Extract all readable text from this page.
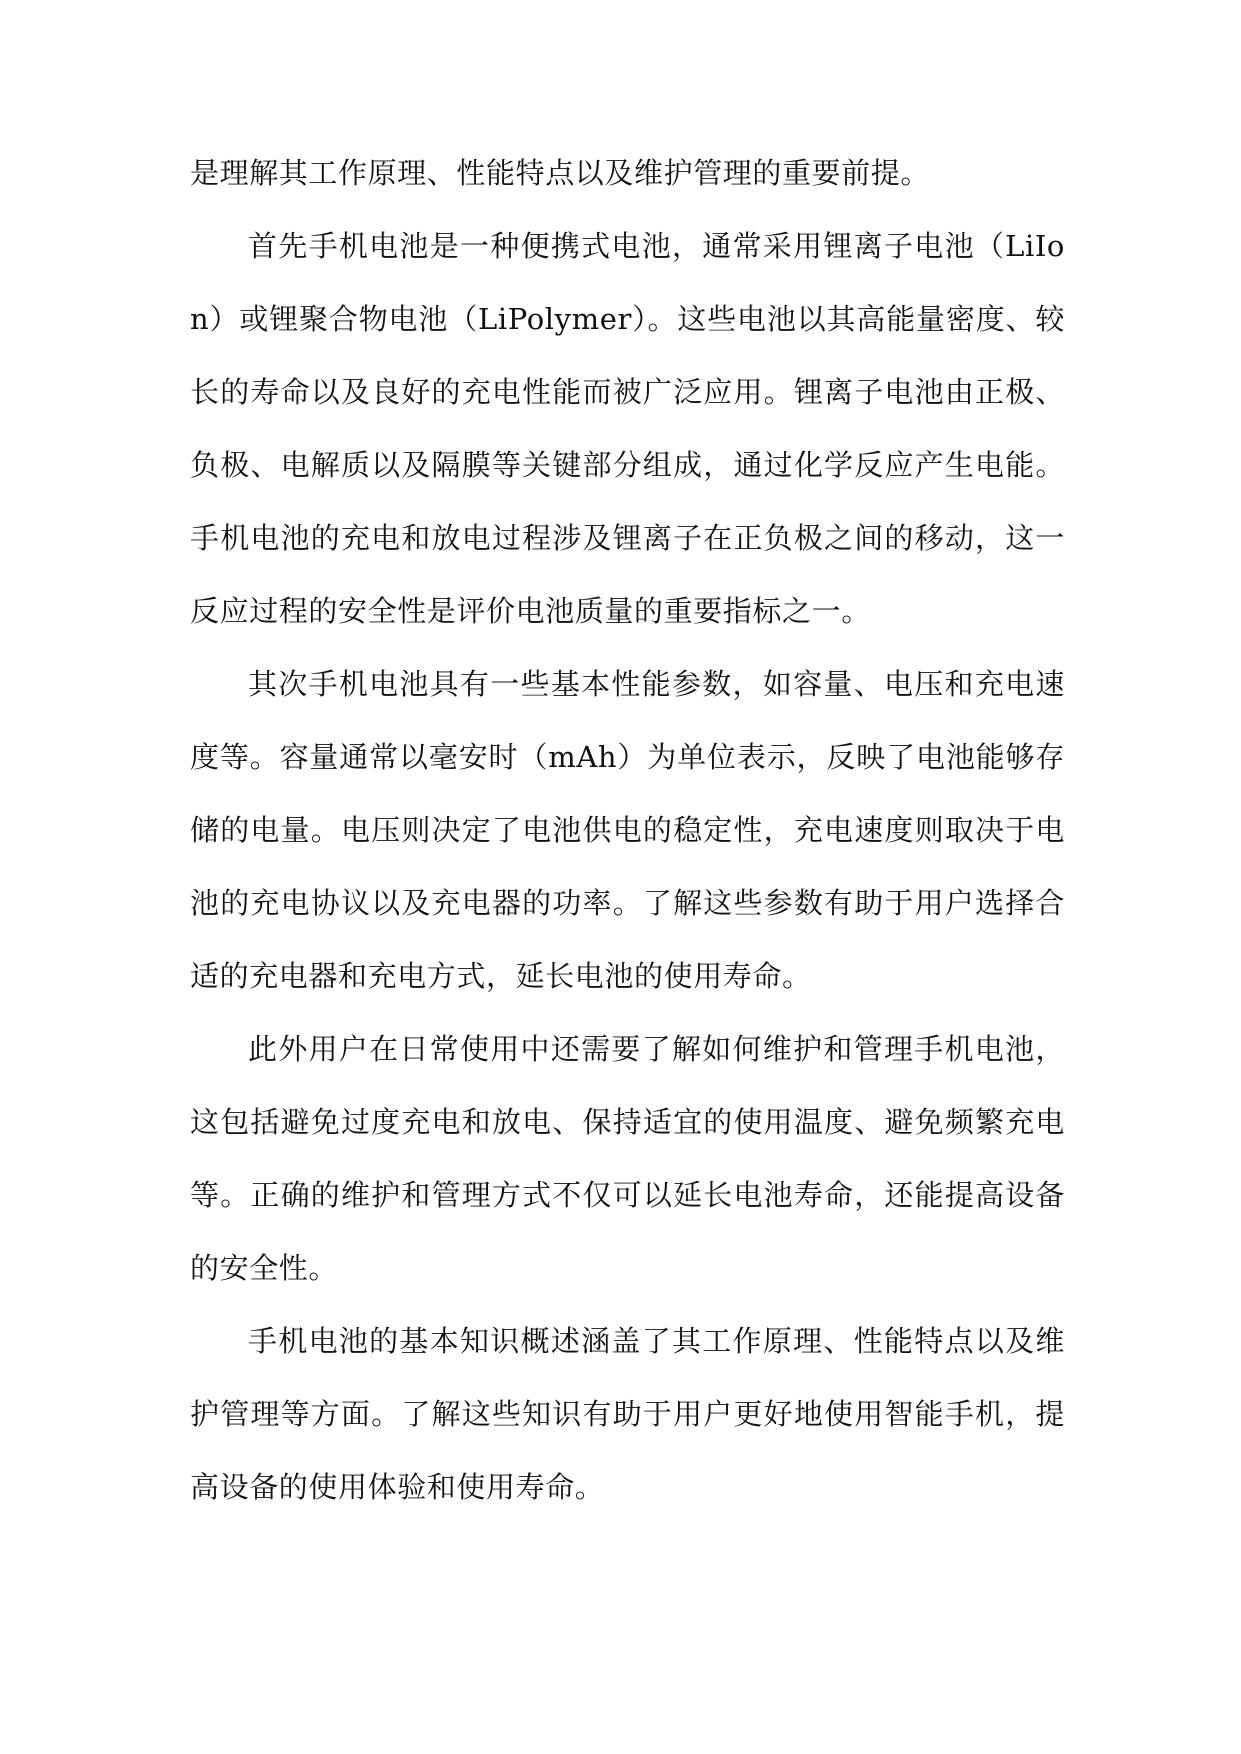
是理解其工作原理、性能特点以及维护管理的重要前提。

首先手机电池是一种便携式电池，通常采用锂离子电池（LiIon）或锂聚合物电池（LiPolymer）。这些电池以其高能量密度、较长的寿命以及良好的充电性能而被广泛应用。锂离子电池由正极、负极、电解质以及隔膜等关键部分组成，通过化学反应产生电能。手机电池的充电和放电过程涉及锂离子在正负极之间的移动，这一反应过程的安全性是评价电池质量的重要指标之一。

其次手机电池具有一些基本性能参数，如容量、电压和充电速度等。容量通常以毫安时（mAh）为单位表示，反映了电池能够存储的电量。电压则决定了电池供电的稳定性，充电速度则取决于电池的充电协议以及充电器的功率。了解这些参数有助于用户选择合适的充电器和充电方式，延长电池的使用寿命。

此外用户在日常使用中还需要了解如何维护和管理手机电池，这包括避免过度充电和放电、保持适宜的使用温度、避免频繁充电等。正确的维护和管理方式不仅可以延长电池寿命，还能提高设备的安全性。

手机电池的基本知识概述涵盖了其工作原理、性能特点以及维护管理等方面。了解这些知识有助于用户更好地使用智能手机，提高设备的使用体验和使用寿命。
